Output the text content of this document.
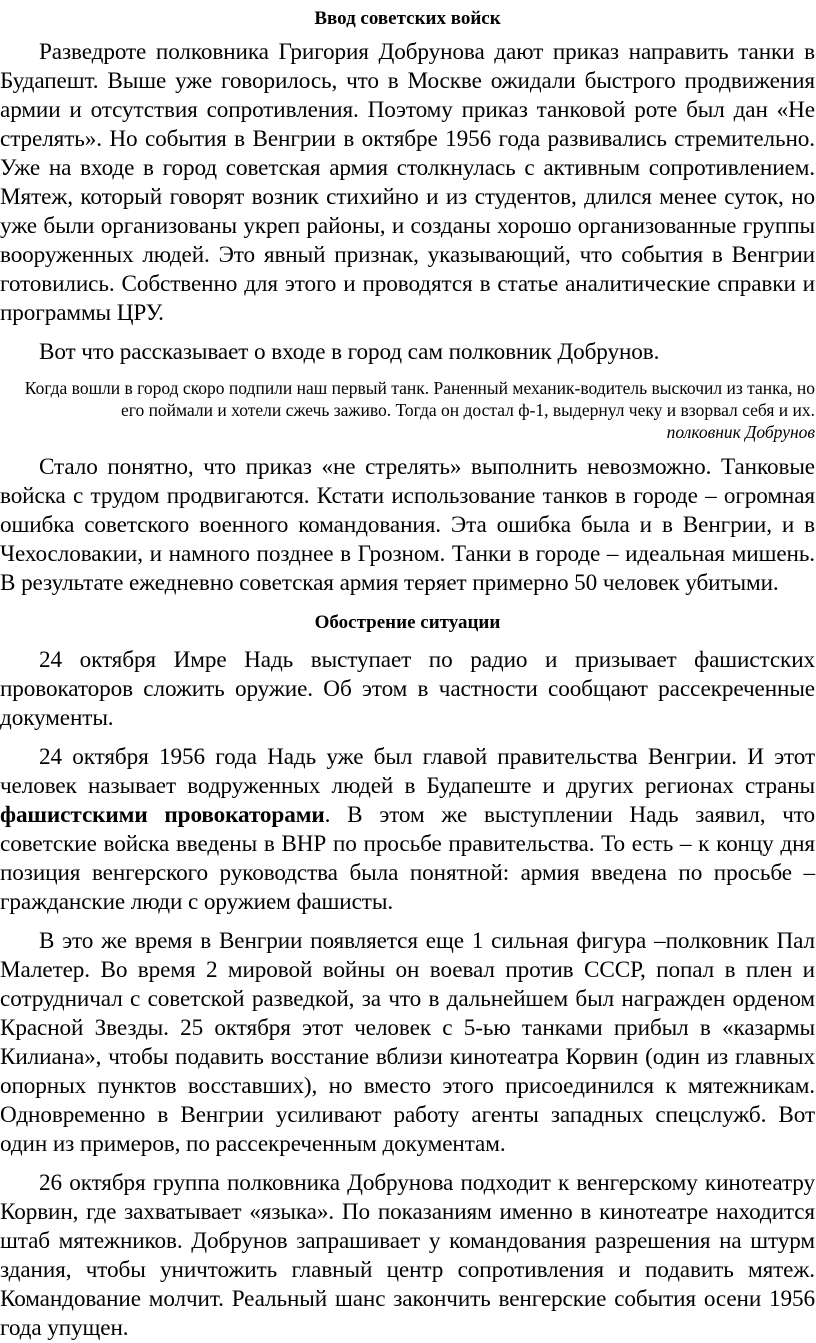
Ввод советских войск

Разведроте полковника Григория Добрунова дают приказ направить танки в Будапешт. Выше уже говорилось, что в Москве ожидали быстрого продвижения армии и отсутствия сопротивления. Поэтому приказ танковой роте был дан «Не стрелять». Но события в Венгрии в октябре 1956 года развивались стремительно. Уже на входе в город советская армия столкнулась с активным сопротивлением. Мятеж, который говорят возник стихийно и из студентов, длился менее суток, но уже были организованы укреп районы, и созданы хорошо организованные группы вооруженных людей. Это явный признак, указывающий, что события в Венгрии готовились. Собственно для этого и проводятся в статье аналитические справки и программы ЦРУ.

Вот что рассказывает о входе в город сам полковник Добрунов.

Когда вошли в город скоро подпили наш первый танк. Раненный механик-водитель выскочил из танка, но его поймали и хотели сжечь заживо. Тогда он достал ф-1, выдернул чеку и взорвал себя и их.
полковник Добрунов

Стало понятно, что приказ «не стрелять» выполнить невозможно. Танковые войска с трудом продвигаются. Кстати использование танков в городе – огромная ошибка советского военного командования. Эта ошибка была и в Венгрии, и в Чехословакии, и намного позднее в Грозном. Танки в городе – идеальная мишень. В результате ежедневно советская армия теряет примерно 50 человек убитыми.

Обострение ситуации

24 октября Имре Надь выступает по радио и призывает фашистских провокаторов сложить оружие. Об этом в частности сообщают рассекреченные документы.

24 октября 1956 года Надь уже был главой правительства Венгрии. И этот человек называет водруженных людей в Будапеште и других регионах страны фашистскими провокаторами. В этом же выступлении Надь заявил, что советские войска введены в ВНР по просьбе правительства. То есть – к концу дня позиция венгерского руководства была понятной: армия введена по просьбе – гражданские люди с оружием фашисты.

В это же время в Венгрии появляется еще 1 сильная фигура –полковник Пал Малетер. Во время 2 мировой войны он воевал против СССР, попал в плен и сотрудничал с советской разведкой, за что в дальнейшем был награжден орденом Красной Звезды. 25 октября этот человек с 5-ью танками прибыл в «казармы Килиана», чтобы подавить восстание вблизи кинотеатра Корвин (один из главных опорных пунктов восставших), но вместо этого присоединился к мятежникам. Одновременно в Венгрии усиливают работу агенты западных спецслужб. Вот один из примеров, по рассекреченным документам.

26 октября группа полковника Добрунова подходит к венгерскому кинотеатру Корвин, где захватывает «языка». По показаниям именно в кинотеатре находится штаб мятежников. Добрунов запрашивает у командования разрешения на штурм здания, чтобы уничтожить главный центр сопротивления и подавить мятеж. Командование молчит. Реальный шанс закончить венгерские события осени 1956 года упущен.
